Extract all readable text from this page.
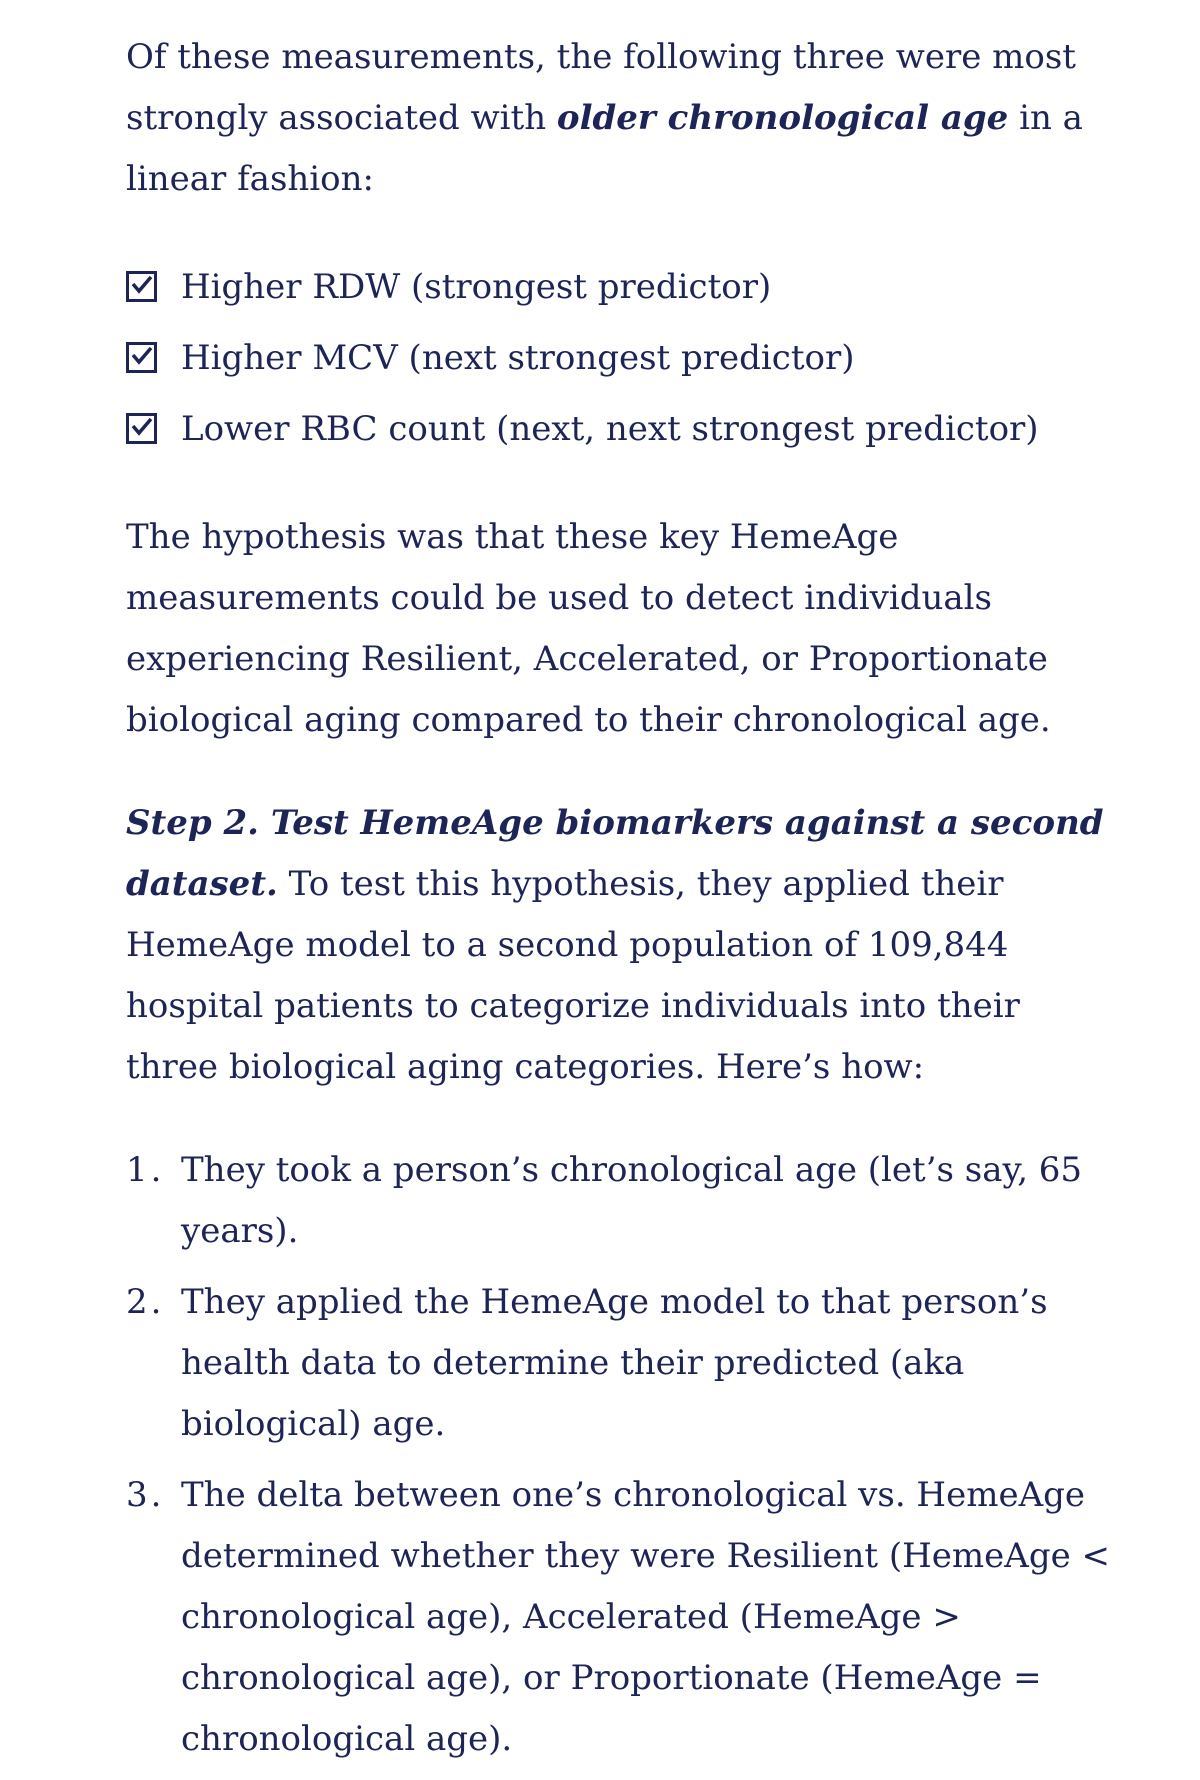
Of these measurements, the following three were most strongly associated with older chronological age in a linear fashion:

Higher RDW (strongest predictor)
Higher MCV (next strongest predictor)
Lower RBC count (next, next strongest predictor)

The hypothesis was that these key HemeAge measurements could be used to detect individuals experiencing Resilient, Accelerated, or Proportionate biological aging compared to their chronological age.

Step 2. Test HemeAge biomarkers against a second dataset. To test this hypothesis, they applied their HemeAge model to a second population of 109,844 hospital patients to categorize individuals into their three biological aging categories. Here’s how:

1. They took a person’s chronological age (let’s say, 65 years).
2. They applied the HemeAge model to that person’s health data to determine their predicted (aka biological) age.
3. The delta between one’s chronological vs. HemeAge determined whether they were Resilient (HemeAge < chronological age), Accelerated (HemeAge > chronological age), or Proportionate (HemeAge = chronological age).
